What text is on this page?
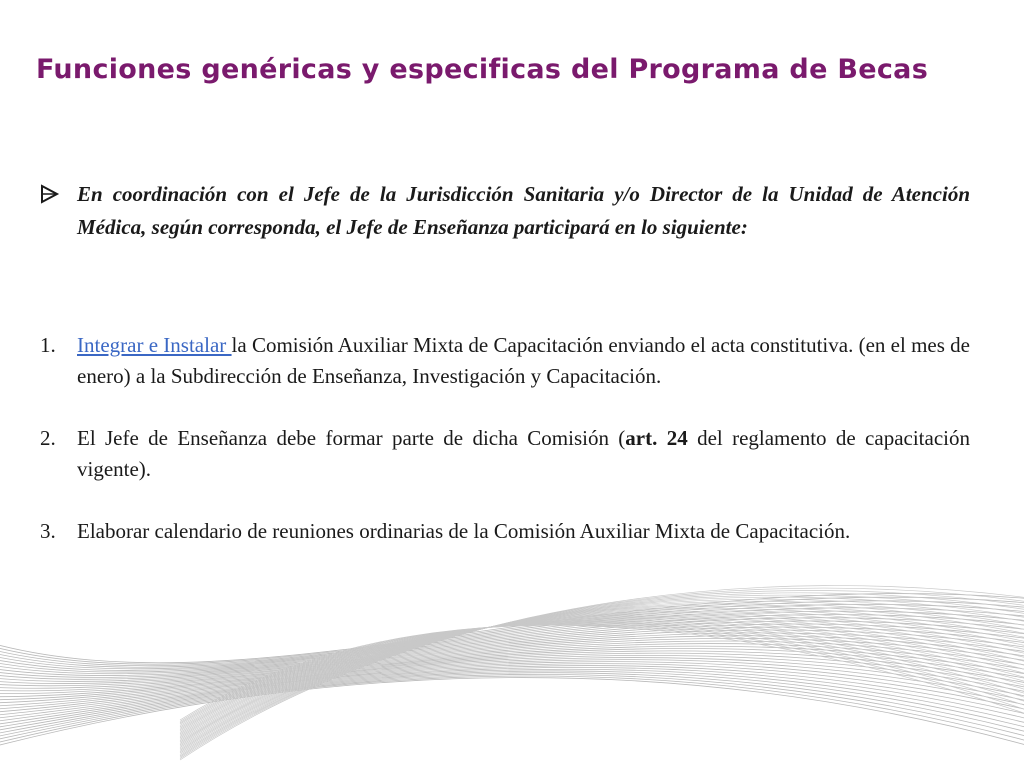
Funciones genéricas y especificas del Programa de Becas
En coordinación con el Jefe de la Jurisdicción Sanitaria y/o Director de la Unidad de Atención Médica, según corresponda, el Jefe de Enseñanza participará en lo siguiente:
1. Integrar e Instalar la Comisión Auxiliar Mixta de Capacitación enviando el acta constitutiva. (en el mes de enero) a la Subdirección de Enseñanza, Investigación y Capacitación.
2. El Jefe de Enseñanza debe formar parte de dicha Comisión (art. 24 del reglamento de capacitación vigente).
3. Elaborar calendario de reuniones ordinarias de la Comisión Auxiliar Mixta de Capacitación.
